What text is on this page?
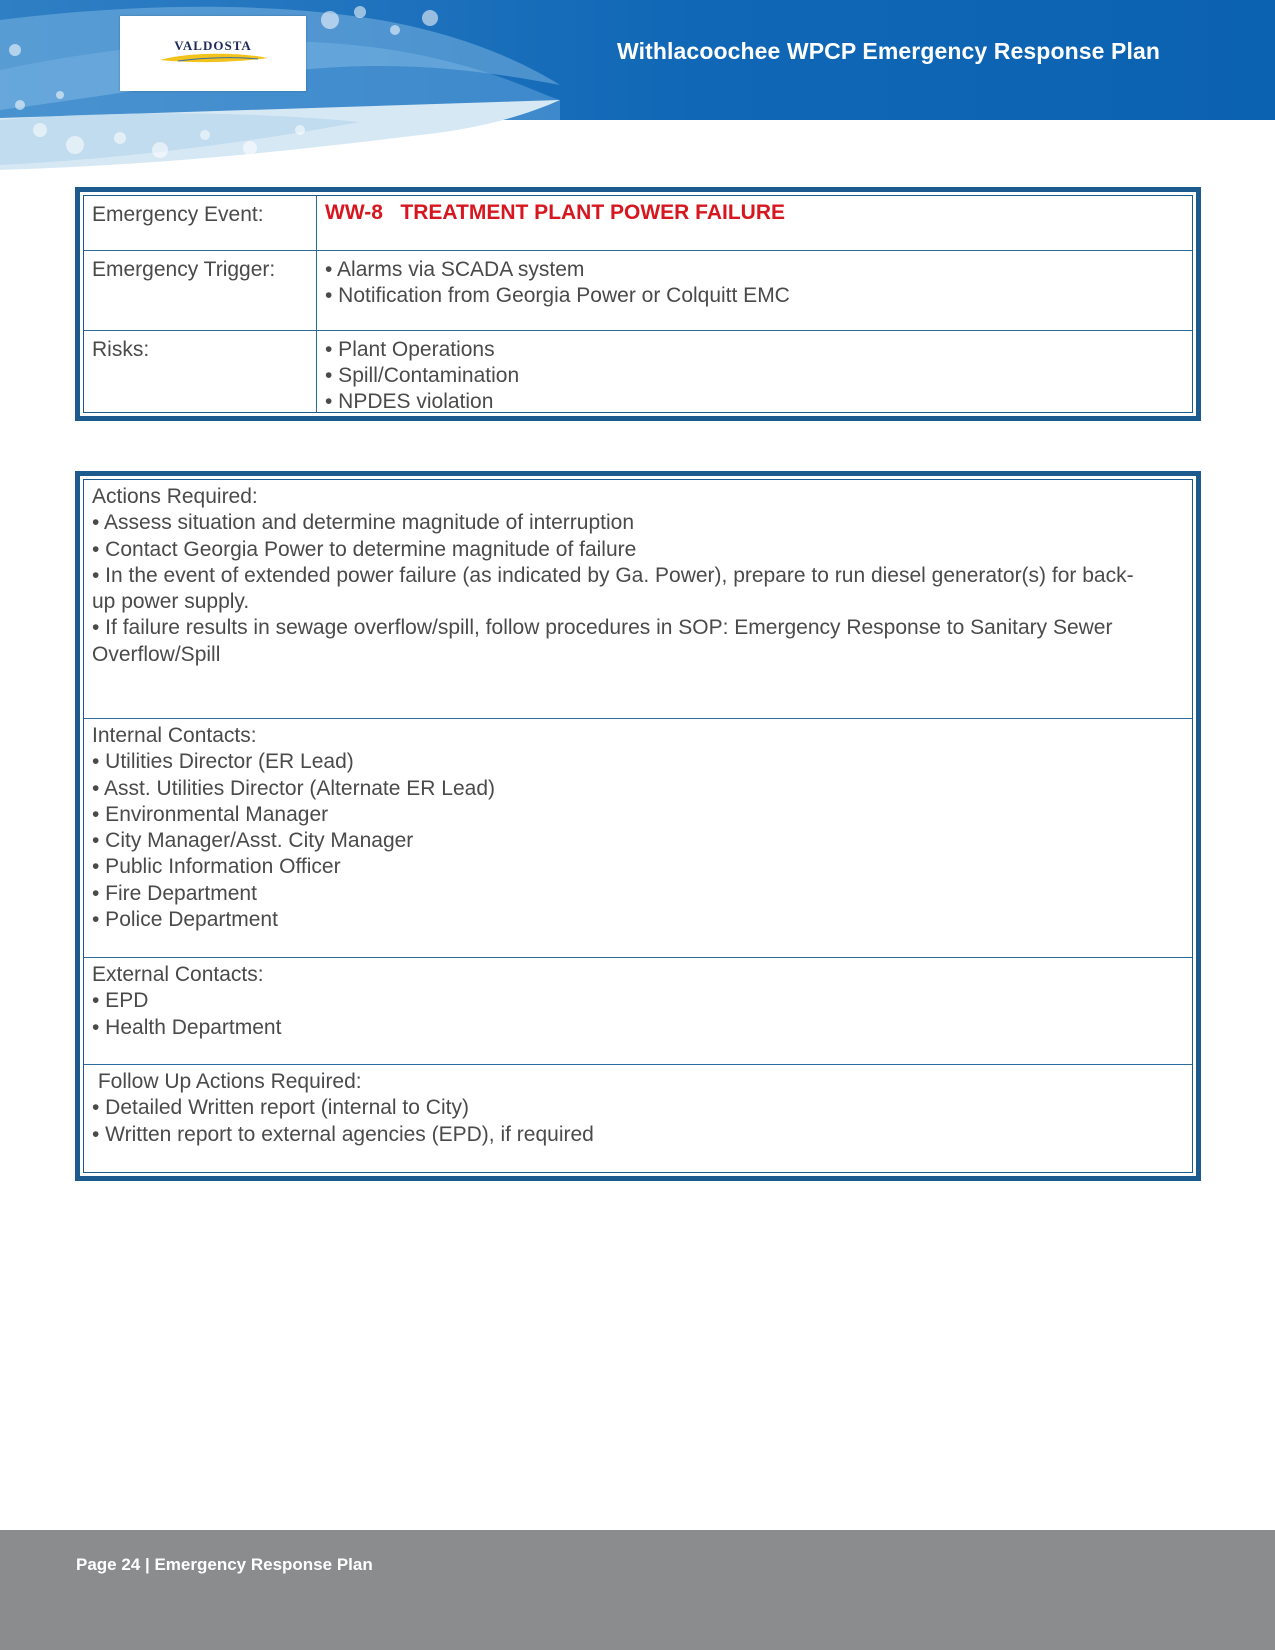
VALDOSTA	Withlacoochee WPCP Emergency Response Plan
Emergency Event:	WW-8 TREATMENT PLANT POWER FAILURE
Emergency Trigger: • Alarms via SCADA system
• Notification from Georgia Power or Colquitt EMC
Risks:	• Plant Operations
• Spill/Contamination
• NPDES violation
Actions Required:
• Assess situation and determine magnitude of interruption
• Contact Georgia Power to determine magnitude of failure
• In the event of extended power failure (as indicated by Ga. Power), prepare to run diesel generator(s) for back-up power supply.
• If failure results in sewage overflow/spill, follow procedures in SOP: Emergency Response to Sanitary Sewer Overflow/Spill
Internal Contacts:
• Utilities Director (ER Lead)
• Asst. Utilities Director (Alternate ER Lead)
• Environmental Manager
• City Manager/Asst. City Manager
• Public Information Officer
• Fire Department
• Police Department
External Contacts:
• EPD
• Health Department
Follow Up Actions Required:
• Detailed Written report (internal to City)
• Written report to external agencies (EPD), if required
Page 24 | Emergency Response Plan
